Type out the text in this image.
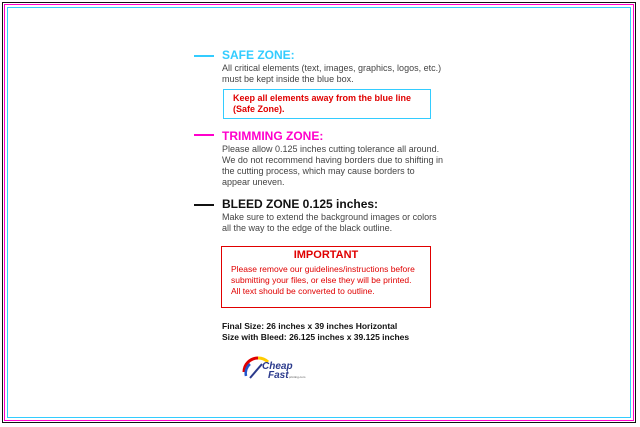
SAFE ZONE:
All critical elements (text, images, graphics, logos, etc.)
must be kept inside the blue box.
Keep all elements away from the blue line
(Safe Zone).
TRIMMING ZONE:
Please allow 0.125 inches cutting tolerance all around.
We do not recommend having borders due to shifting in
the cutting process, which may cause borders to
appear uneven.
BLEED ZONE 0.125 inches:
Make sure to extend the background images or colors
all the way to the edge of the black outline.
IMPORTANT
Please remove our guidelines/instructions before
submitting your files, or else they will be printed.
All text should be converted to outline.
Final Size: 26 inches x 39 inches Horizontal
Size with Bleed: 26.125 inches x 39.125 inches
Cheap
Fast printing.com
